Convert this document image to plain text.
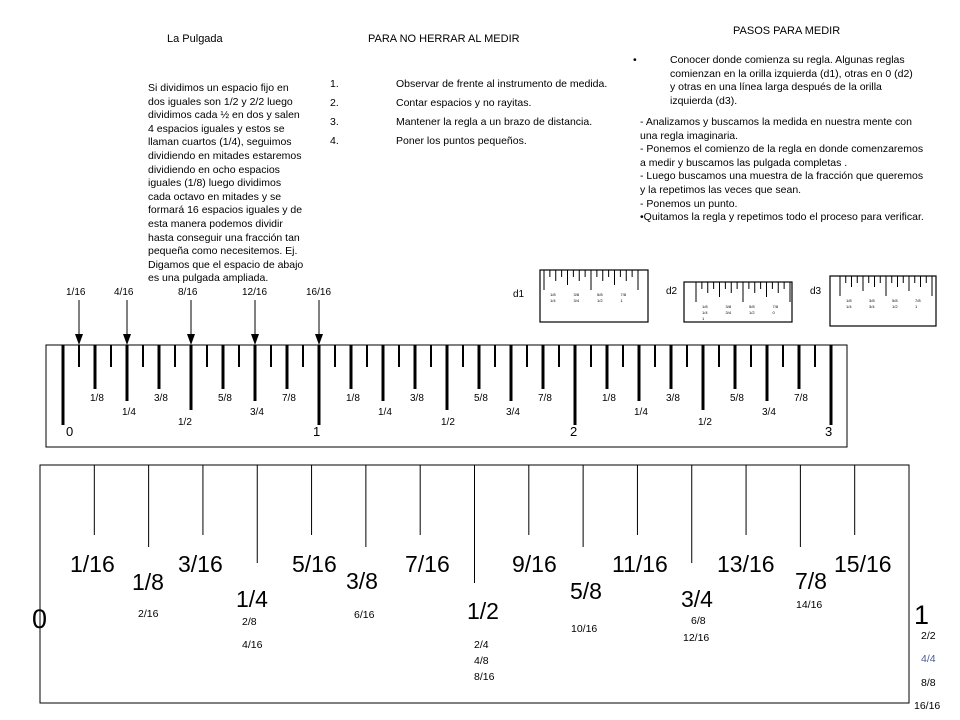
La Pulgada	PARA NO HERRAR AL MEDIR
PASOS PARA MEDIR
Si dividimos un espacio fijo en dos iguales son 1/2 y 2/2 luego dividimos cada ½ en dos y salen 4 espacios iguales y estos se llaman cuartos (1/4), seguimos dividiendo en mitades estaremos dividiendo en ocho espacios iguales (1/8) luego dividimos cada octavo en mitades y se formará 16 espacios iguales y de esta manera podemos dividir hasta conseguir una fracción tan pequeña como necesitemos. Ej. Digamos que el espacio de abajo es una pulgada ampliada.
1.	Observar de frente al instrumento de medida.
2.	Contar espacios y no rayitas.
3.	Mantener la regla a un brazo de distancia.
4.	Poner los puntos pequeños.
•	Conocer donde comienza su regla. Algunas reglas comienzan en la orilla izquierda (d1), otras en 0 (d2) y otras en una línea larga después de la orilla izquierda (d3).
- Analizamos y buscamos la medida en nuestra mente con una regla imaginaria.
- Ponemos el comienzo de la regla en donde comenzaremos a medir y buscamos las pulgada completas .
- Luego buscamos una muestra de la fracción que queremos y la repetimos las veces que sean.
- Ponemos un punto.
•Quitamos la regla y repetimos todo el proceso para verificar.
d1	d2	d3
1/16	4/16	8/16	12/16	16/16	1/8	3/8	5/8	7/8
1/4	3/4	1/2	1
1/8	3/8	5/8	7/8
1/4	3/4	1/2	0
1
1/8	3/8	5/8	7/8
1/4	3/4	1/2	1
1/8	3/8	5/8	7/8	1/8	3/8	5/8	7/8	1/8	3/8	5/8	7/8
1/4	3/4	1/4	3/4	1/4	3/4
1/2	1/2	1/2
0	1	2	3
1/16	3/16	5/16	7/16	9/16 11/16 13/16	15/16
1/8	3/8	5/8	7/8
1/4	3/4
1/2
0	1
2/16	6/16
10/16
14/16
2/8
4/16
6/8
12/16
2/4
4/8
8/16
2/2
4/4
8/8
16/16
